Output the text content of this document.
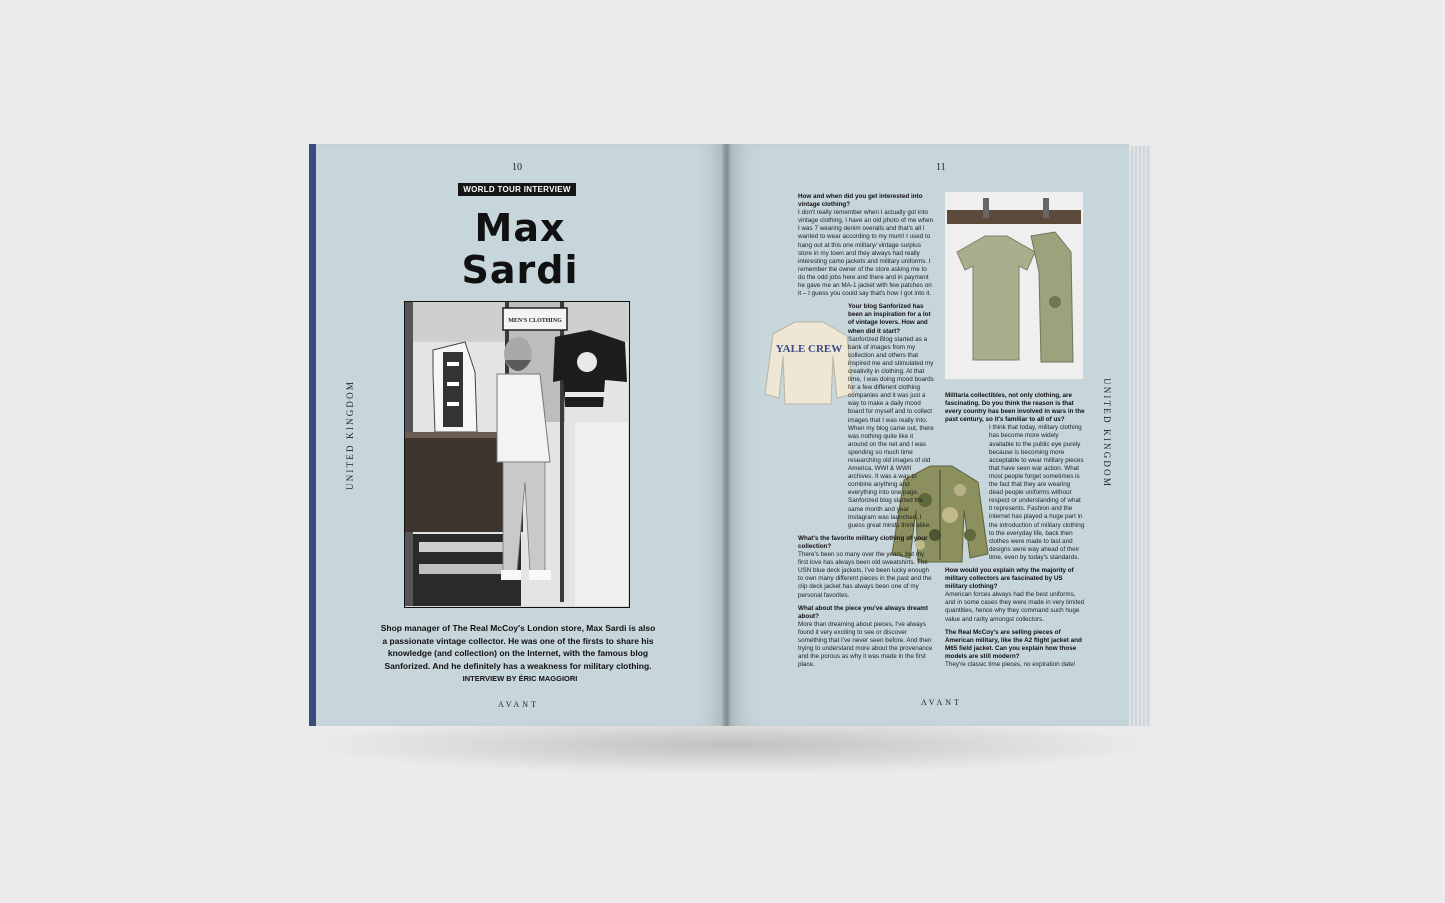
10
WORLD TOUR INTERVIEW
Max
Sardi
MEN'S CLOTHING
UNITED KINGDOM
Shop manager of The Real McCoy's London store, Max Sardi is also a passionate vintage collector. He was one of the firsts to share his knowledge (and collection) on the Internet, with the famous blog Sanforized. And he definitely has a weakness for military clothing.
INTERVIEW BY ÉRIC MAGGIORI
AVANT
11
UNITED KINGDOM
YALE CREW

How and when did you get interested into vintage clothing?
I don't really remember when I actually got into vintage clothing, I have an old photo of me when I was 7 wearing denim overalls and that's all I wanted to wear according to my mum! I used to hang out at this one military/ vintage surplus store in my town and they always had really interesting camo jackets and military uniforms. I remember the owner of the store asking me to do the odd jobs here and there and in payment he gave me an MA-1 jacket with few patches on it – I guess you could say that's how I got into it.

Your blog Sanforized has been an inspiration for a lot of vintage lovers. How and when did it start?
Sanforized Blog started as a bank of images from my collection and others that inspired me and stimulated my creativity in clothing. At that time, I was doing mood boards for a few different clothing companies and it was just a way to make a daily mood board for myself and to collect images that I was really into. When my blog came out, there was nothing quite like it around on the net and I was spending so much time researching old images of old America, WWI & WWII archives. It was a way to combine anything and everything into one page. Sanforized blog started the same month and year Instagram was launched, I guess great minds think alike.

What's the favorite military clothing of your collection?
There's been so many over the years, but my first love has always been old sweatshirts. The USN blue deck jackets, I've been lucky enough to own many different pieces in the past and the clip deck jacket has always been one of my personal favorites.

What about the piece you've always dreamt about?
More than dreaming about pieces, I've always found it very exciting to see or discover something that I've never seen before. And then trying to understand more about the provenance and the porous as why it was made in the first place.

Militaria collectibles, not only clothing, are fascinating. Do you think the reason is that every country has been involved in wars in the past century, so it's familiar to all of us?
I think that today, military clothing has become more widely available to the public eye purely because is becoming more acceptable to wear military pieces that have seen war action. What most people forget sometimes is the fact that they are wearing dead people uniforms without respect or understanding of what it represents. Fashion and the internet has played a huge part in the introduction of military clothing to the everyday life, back then clothes were made to last and designs were way ahead of their time, even by today's standards.

How would you explain why the majority of military collectors are fascinated by US military clothing?
American forces always had the best uniforms, and in some cases they were made in very limited quantities, hence why they command such huge value and rarity amongst collectors.

The Real McCoy's are selling pieces of American military, like the A2 flight jacket and M65 field jacket. Can you explain how those models are still modern?
They're classic time pieces, no expiration date!

AVANT
